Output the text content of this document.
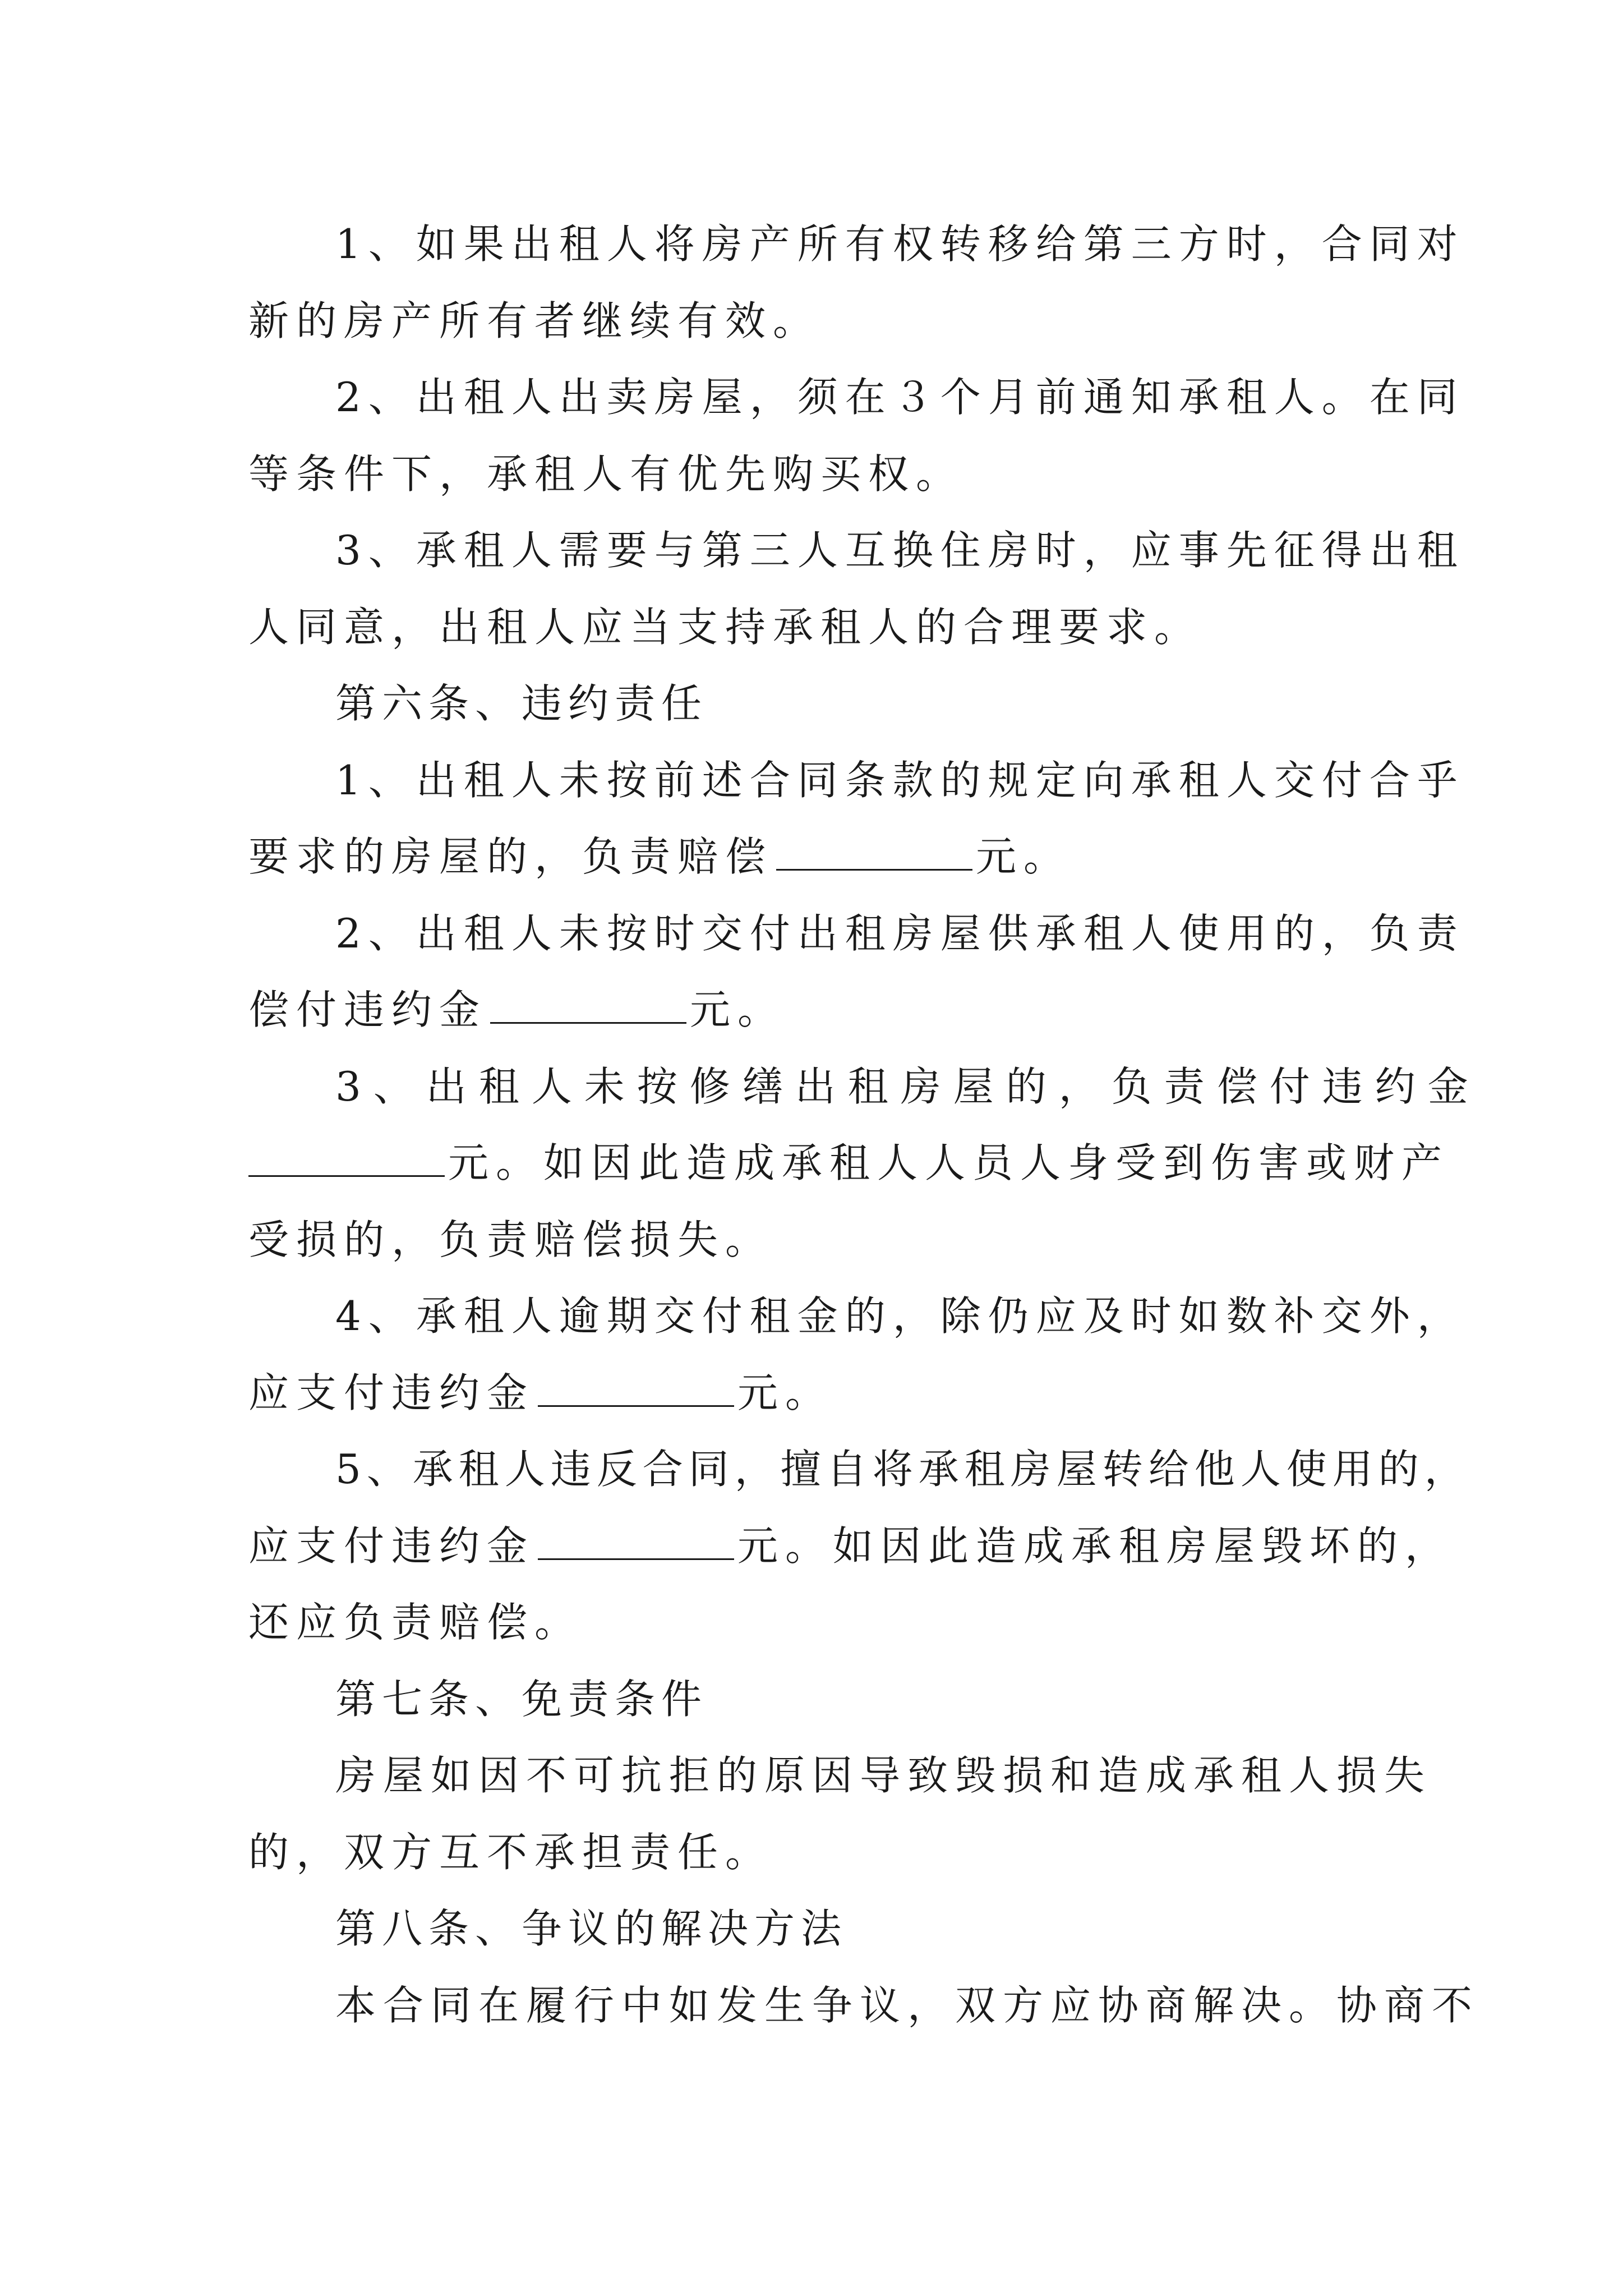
1、如果出租人将房产所有权转移给第三方时，合同对

新的房产所有者继续有效。

2、出租人出卖房屋，须在３个月前通知承租人。在同

等条件下，承租人有优先购买权。

3、承租人需要与第三人互换住房时，应事先征得出租

人同意，出租人应当支持承租人的合理要求。

第六条、违约责任

1、出租人未按前述合同条款的规定向承租人交付合乎

要求的房屋的，负责赔偿	元。

2、出租人未按时交付出租房屋供承租人使用的，负责

偿付违约金	元。

3、出租人未按修缮出租房屋的，负责偿付违约金

元。如因此造成承租人人员人身受到伤害或财产

受损的，负责赔偿损失。

4、承租人逾期交付租金的，除仍应及时如数补交外，

应支付违约金	元。

5、承租人违反合同，擅自将承租房屋转给他人使用的，

应支付违约金	元。如因此造成承租房屋毁坏的，

还应负责赔偿。

第七条、免责条件

房屋如因不可抗拒的原因导致毁损和造成承租人损失

的，双方互不承担责任。

第八条、争议的解决方法

本合同在履行中如发生争议，双方应协商解决。协商不
